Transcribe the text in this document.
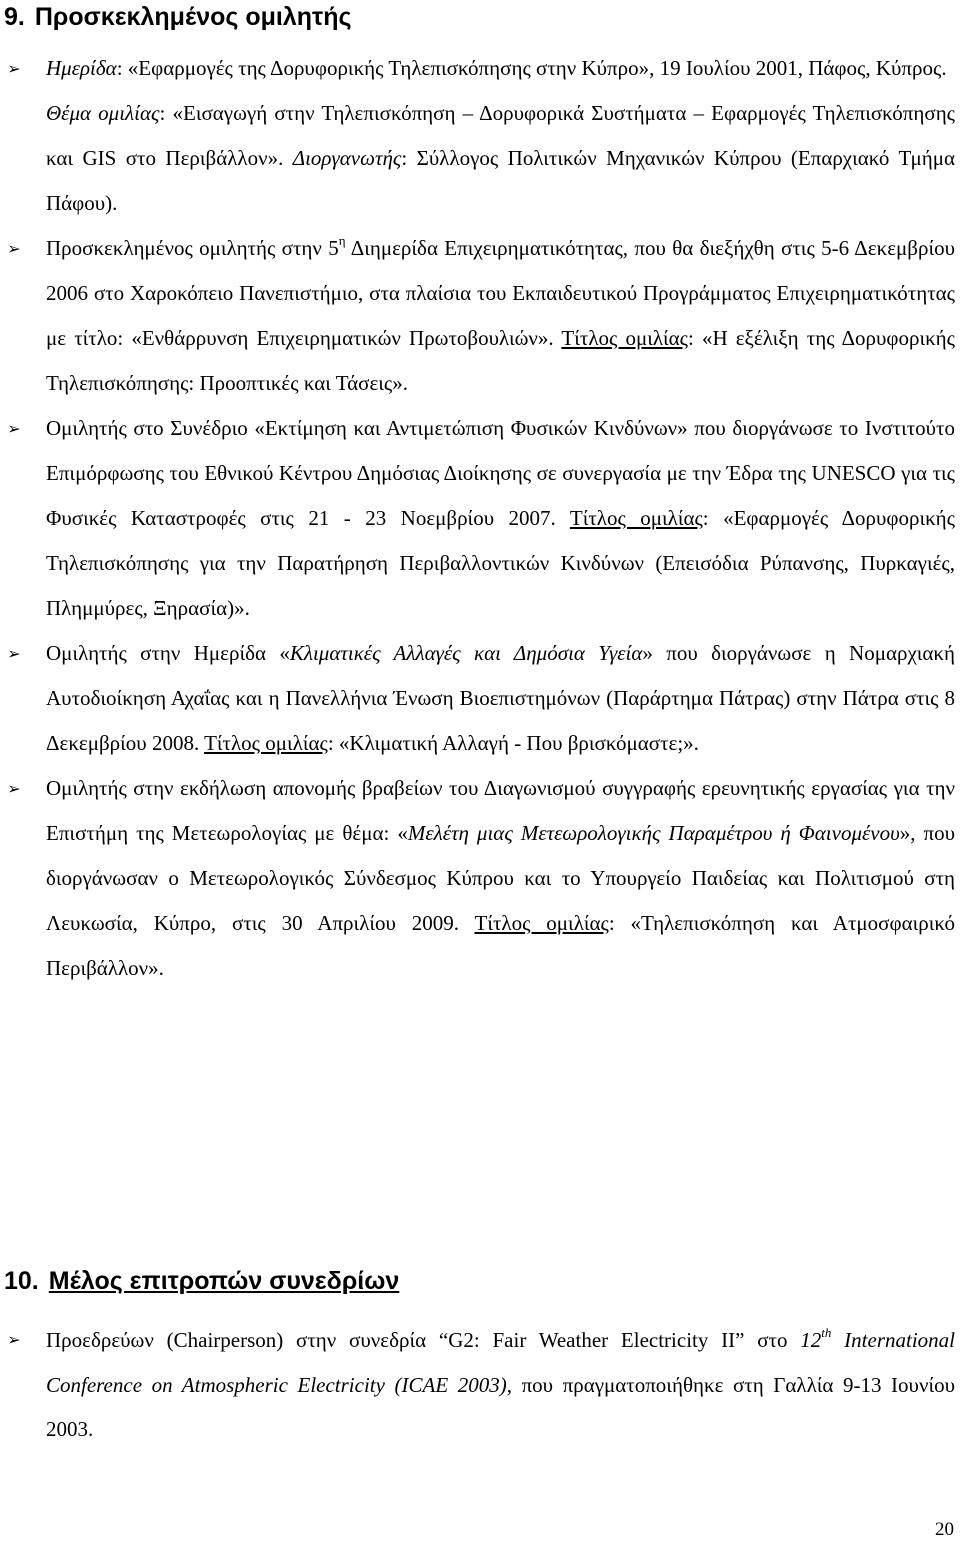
9. Προσκεκλημένος ομιλητής
➢ Ημερίδα: «Εφαρμογές της Δορυφορικής Τηλεπισκόπησης στην Κύπρο», 19 Ιουλίου 2001, Πάφος, Κύπρος.

Θέμα ομιλίας: «Εισαγωγή στην Τηλεπισκόπηση – Δορυφορικά Συστήματα – Εφαρμογές Τηλεπισκόπησης και GIS στο Περιβάλλον». Διοργανωτής: Σύλλογος Πολιτικών Μηχανικών Κύπρου (Επαρχιακό Τμήμα Πάφου).

➢ Προσκεκλημένος ομιλητής στην $5^\eta$ Διημερίδα Επιχειρηματικότητας, που θα διεξήχθη στις 5-6 Δεκεμβρίου 2006 στο Χαροκόπειο Πανεπιστήμιο, στα πλαίσια του Εκπαιδευτικού Προγράμματος Επιχειρηματικότητας με τίτλο: «Ενθάρρυνση Επιχειρηματικών Πρωτοβουλιών». Τίτλος ομιλίας: «Η εξέλιξη της Δορυφορικής Τηλεπισκόπησης: Προοπτικές και Τάσεις».

➢ Ομιλητής στο Συνέδριο «Εκτίμηση και Αντιμετώπιση Φυσικών Κινδύνων» που διοργάνωσε το Ινστιτούτο Επιμόρφωσης του Εθνικού Κέντρου Δημόσιας Διοίκησης σε συνεργασία με την Έδρα της UNESCO για τις Φυσικές Καταστροφές στις 21 - 23 Νοεμβρίου 2007. Τίτλος ομιλίας: «Εφαρμογές Δορυφορικής Τηλεπισκόπησης για την Παρατήρηση Περιβαλλοντικών Κινδύνων (Επεισόδια Ρύπανσης, Πυρκαγιές, Πλημμύρες, Ξηρασία)».

➢ Ομιλητής στην Ημερίδα «Κλιματικές Αλλαγές και Δημόσια Υγεία» που διοργάνωσε η Νομαρχιακή Αυτοδιοίκηση Αχαΐας και η Πανελλήνια Ένωση Βιοεπιστημόνων (Παράρτημα Πάτρας) στην Πάτρα στις 8 Δεκεμβρίου 2008. Τίτλος ομιλίας: «Κλιματική Αλλαγή - Που βρισκόμαστε;».

➢ Ομιλητής στην εκδήλωση απονομής βραβείων του Διαγωνισμού συγγραφής ερευνητικής εργασίας για την Επιστήμη της Μετεωρολογίας με θέμα: «Μελέτη μιας Μετεωρολογικής Παραμέτρου ή Φαινομένου», που διοργάνωσαν ο Μετεωρολογικός Σύνδεσμος Κύπρου και το Υπουργείο Παιδείας και Πολιτισμού στη Λευκωσία, Κύπρο, στις 30 Απριλίου 2009. Τίτλος ομιλίας: «Τηλεπισκόπηση και Ατμοσφαιρικό Περιβάλλον».

10. Μέλος επιτροπών συνεδρίων
➢ Προεδρεύων (Chairperson) στην συνεδρία “G2: Fair Weather Electricity II” στο 12th International Conference on Atmospheric Electricity (ICAE 2003), που πραγματοποιήθηκε στη Γαλλία 9-13 Ιουνίου 2003.

20
